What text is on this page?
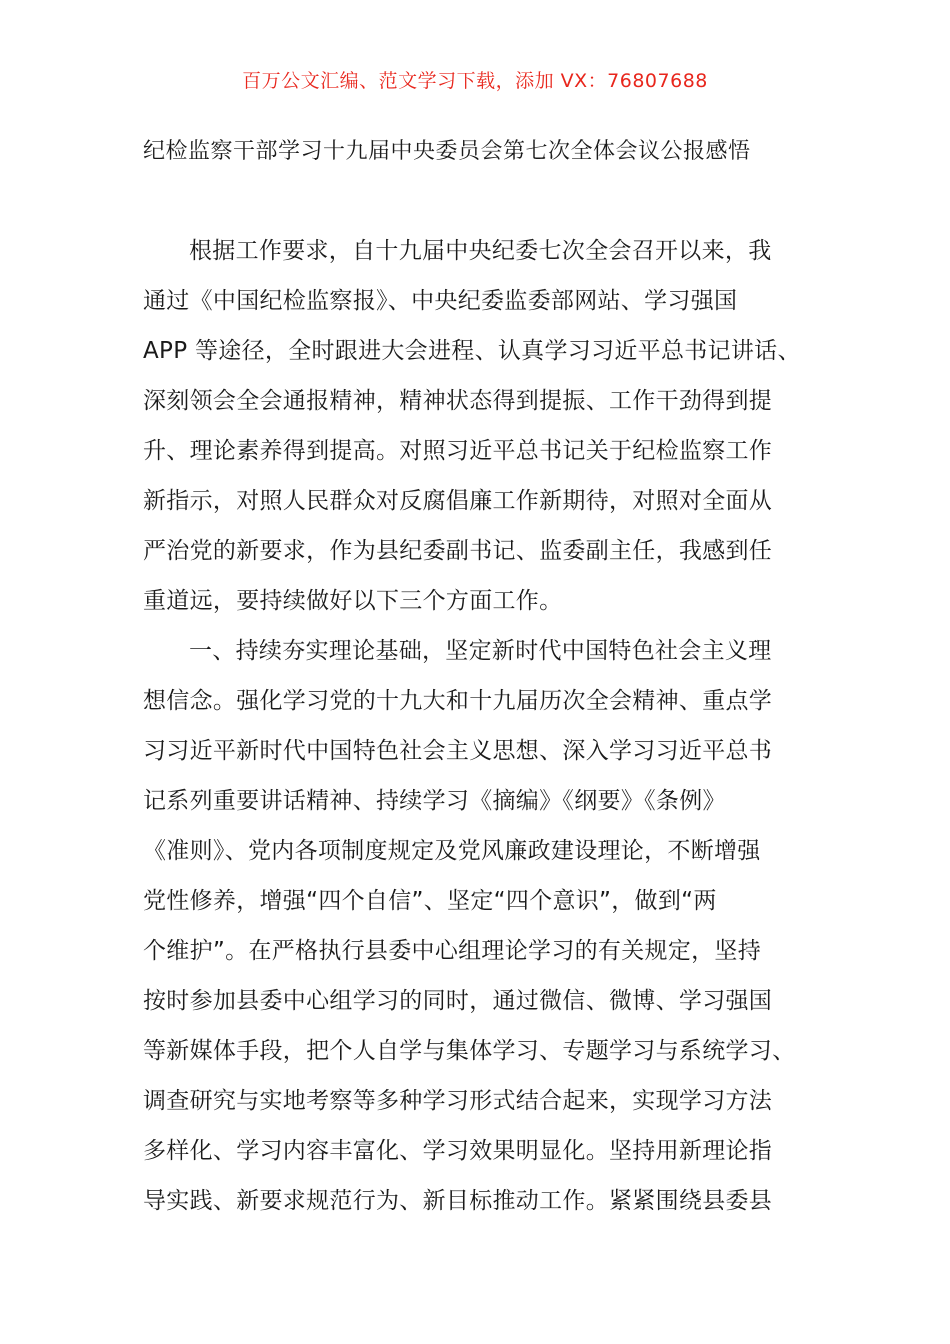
百万公文汇编、范文学习下载，添加 VX：76807688
纪检监察干部学习十九届中央委员会第七次全体会议公报感悟
根据工作要求，自十九届中央纪委七次全会召开以来，我
通过《中国纪检监察报》、中央纪委监委部网站、学习强国
APP 等途径，全时跟进大会进程、认真学习习近平总书记讲话、
深刻领会全会通报精神，精神状态得到提振、工作干劲得到提
升、理论素养得到提高。对照习近平总书记关于纪检监察工作
新指示，对照人民群众对反腐倡廉工作新期待，对照对全面从
严治党的新要求，作为县纪委副书记、监委副主任，我感到任
重道远，要持续做好以下三个方面工作。
一、持续夯实理论基础，坚定新时代中国特色社会主义理
想信念。强化学习党的十九大和十九届历次全会精神、重点学
习习近平新时代中国特色社会主义思想、深入学习习近平总书
记系列重要讲话精神、持续学习《摘编》《纲要》《条例》
《准则》、党内各项制度规定及党风廉政建设理论，不断增强
党性修养，增强“四个自信”、坚定“四个意识”，做到“两
个维护”。在严格执行县委中心组理论学习的有关规定，坚持
按时参加县委中心组学习的同时，通过微信、微博、学习强国
等新媒体手段，把个人自学与集体学习、专题学习与系统学习、
调查研究与实地考察等多种学习形式结合起来，实现学习方法
多样化、学习内容丰富化、学习效果明显化。坚持用新理论指
导实践、新要求规范行为、新目标推动工作。紧紧围绕县委县
